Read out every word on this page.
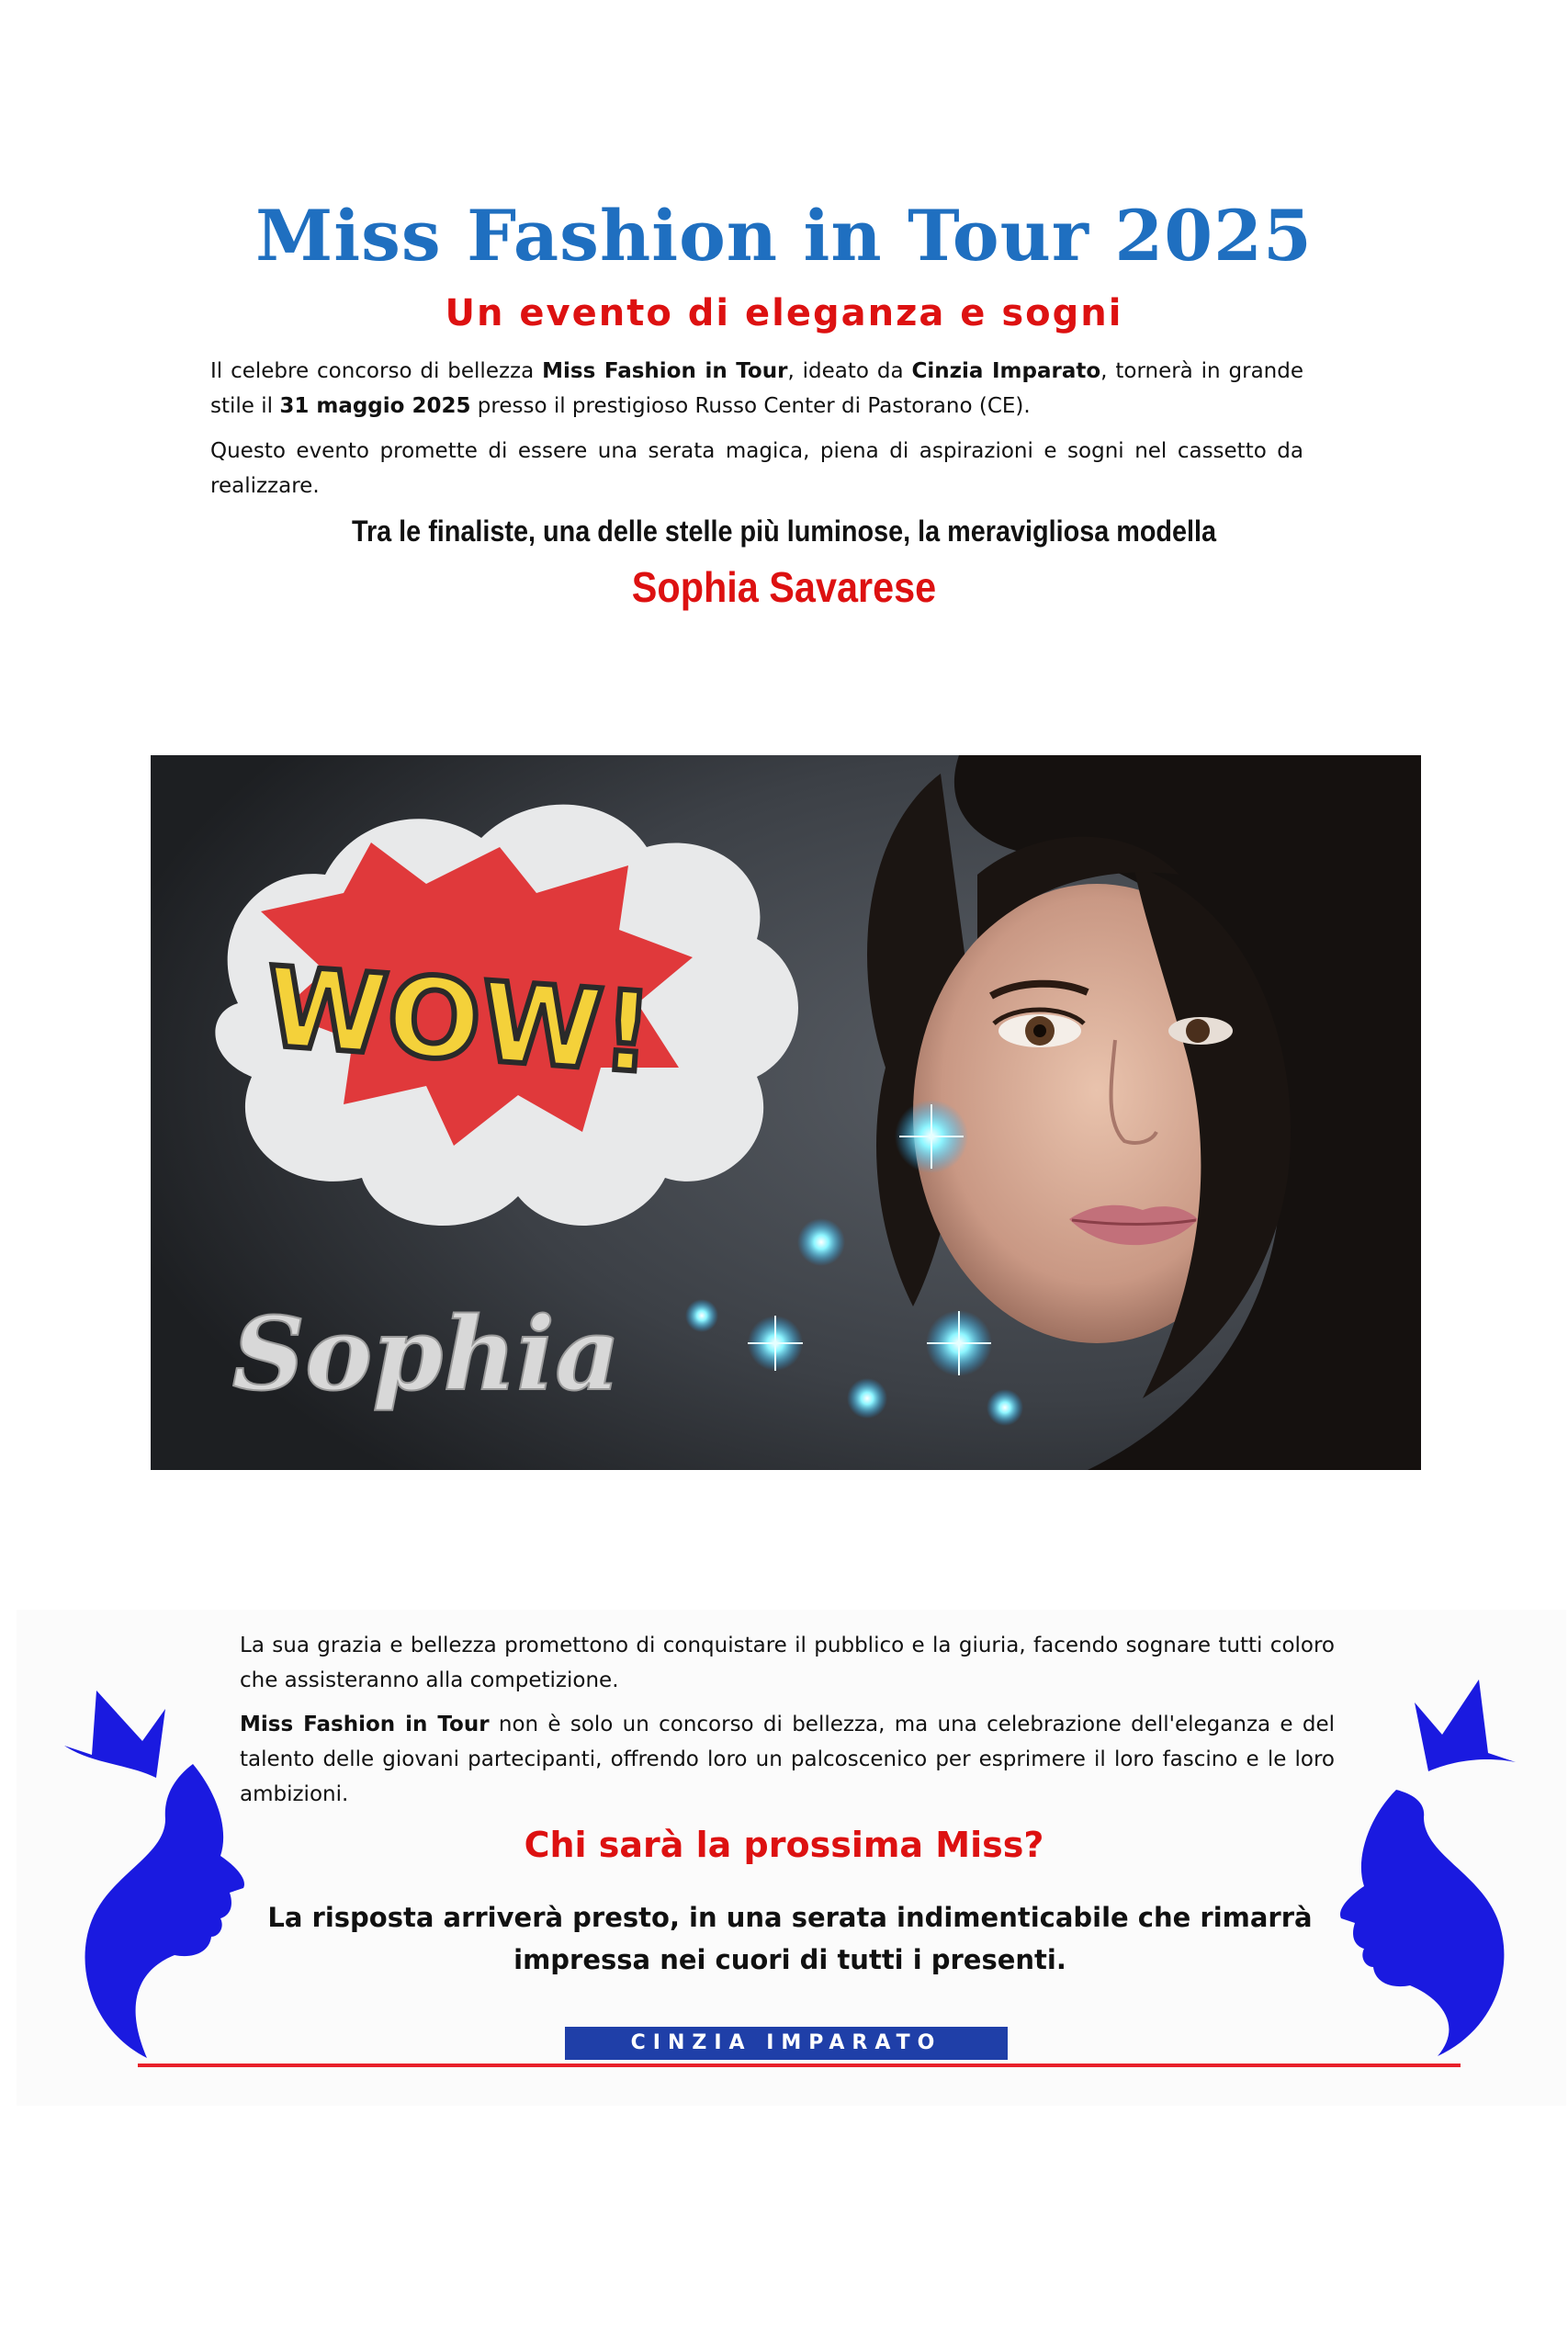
Miss Fashion in Tour 2025
Un evento di eleganza e sogni
Il celebre concorso di bellezza Miss Fashion in Tour, ideato da Cinzia Imparato, tornerà in grande stile il 31 maggio 2025 presso il prestigioso Russo Center di Pastorano (CE).
Questo evento promette di essere una serata magica, piena di aspirazioni e sogni nel cassetto da realizzare.
Tra le finaliste, una delle stelle più luminose, la meravigliosa modella
Sophia Savarese
WOW!
Sophia
La sua grazia e bellezza promettono di conquistare il pubblico e la giuria, facendo sognare tutti coloro che assisteranno alla competizione.
Miss Fashion in Tour non è solo un concorso di bellezza, ma una celebrazione dell'eleganza e del talento delle giovani partecipanti, offrendo loro un palcoscenico per esprimere il loro fascino e le loro ambizioni.
Chi sarà la prossima Miss?
La risposta arriverà presto, in una serata indimenticabile che rimarrà impressa nei cuori di tutti i presenti.
CINZIA IMPARATO
